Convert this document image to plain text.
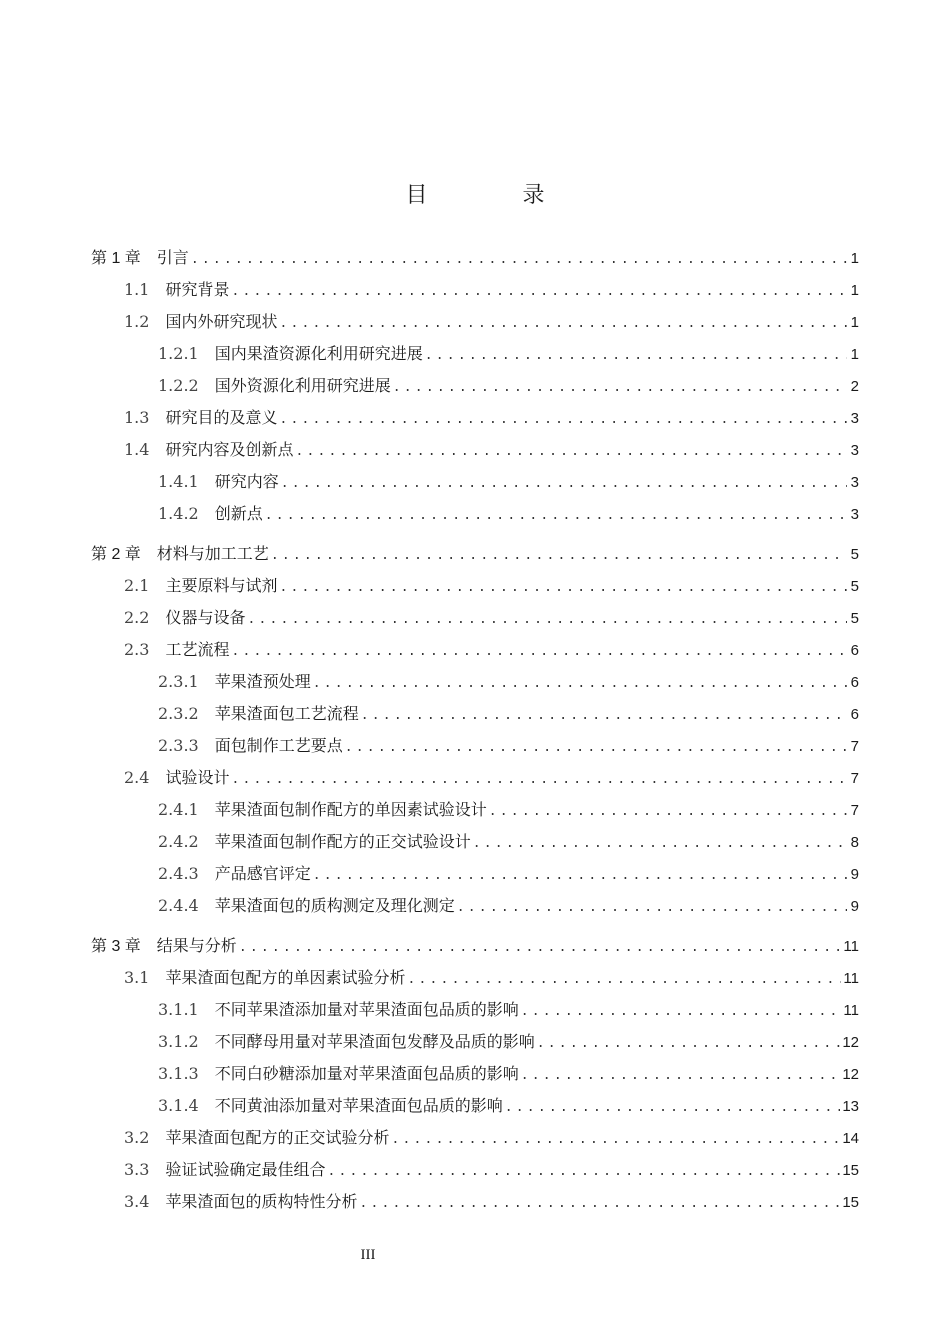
目 录
第 1 章 引言 .....	1
1.1 研究背景 .....	1
1.2 国内外研究现状 .....	1
1.2.1 国内果渣资源化利用研究进展 .....	1
1.2.2 国外资源化利用研究进展 .....	2
1.3 研究目的及意义 .....	3
1.4 研究内容及创新点 .....	3
1.4.1 研究内容 .....	3
1.4.2 创新点 .....	3
第 2 章 材料与加工工艺 .....	5
2.1 主要原料与试剂 .....	5
2.2 仪器与设备 .....	5
2.3 工艺流程 .....	6
2.3.1 苹果渣预处理 .....	6
2.3.2 苹果渣面包工艺流程 .....	6
2.3.3 面包制作工艺要点 .....	7
2.4 试验设计 .....	7
2.4.1 苹果渣面包制作配方的单因素试验设计 .....	7
2.4.2 苹果渣面包制作配方的正交试验设计 .....	8
2.4.3 产品感官评定 .....	9
2.4.4 苹果渣面包的质构测定及理化测定 .....	9
第 3 章 结果与分析 .....	11
3.1 苹果渣面包配方的单因素试验分析 .....	11
3.1.1 不同苹果渣添加量对苹果渣面包品质的影响 .....	11
3.1.2 不同酵母用量对苹果渣面包发酵及品质的影响 .....	12
3.1.3 不同白砂糖添加量对苹果渣面包品质的影响 .....	12
3.1.4 不同黄油添加量对苹果渣面包品质的影响 .....	13
3.2 苹果渣面包配方的正交试验分析 .....	14
3.3 验证试验确定最佳组合 .....	15
3.4 苹果渣面包的质构特性分析 .....	15
III
